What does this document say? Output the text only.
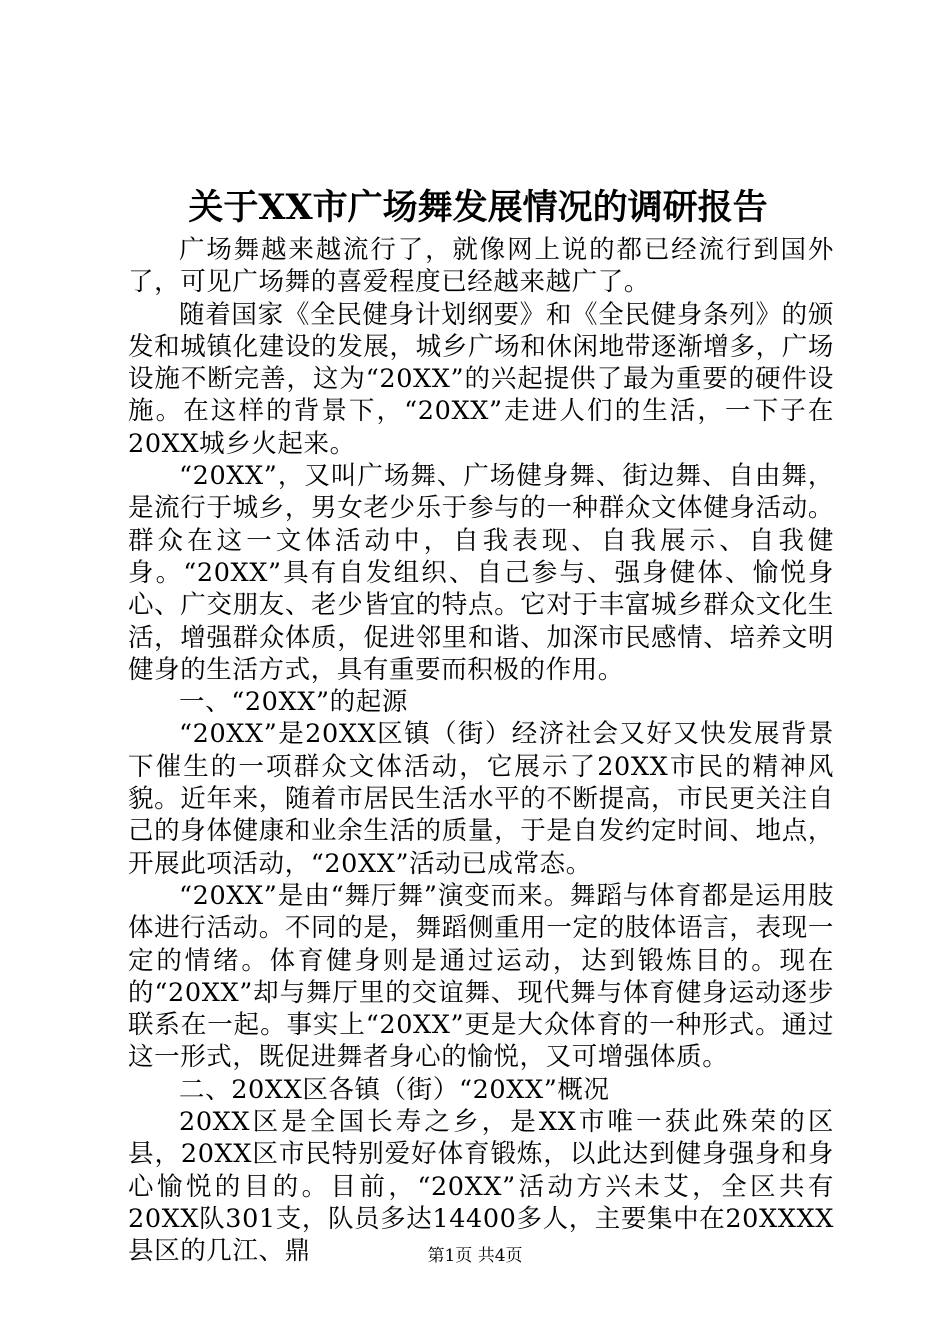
关于XX市广场舞发展情况的调研报告

广场舞越来越流行了，就像网上说的都已经流行到国外了，可见广场舞的喜爱程度已经越来越广了。

随着国家《全民健身计划纲要》和《全民健身条列》的颁发和城镇化建设的发展，城乡广场和休闲地带逐渐增多，广场设施不断完善，这为“20XX”的兴起提供了最为重要的硬件设施。在这样的背景下，“20XX”走进人们的生活，一下子在20XX城乡火起来。

“20XX”，又叫广场舞、广场健身舞、街边舞、自由舞，是流行于城乡，男女老少乐于参与的一种群众文体健身活动。群众在这一文体活动中，自我表现、自我展示、自我健身。“20XX”具有自发组织、自己参与、强身健体、愉悦身心、广交朋友、老少皆宜的特点。它对于丰富城乡群众文化生活，增强群众体质，促进邻里和谐、加深市民感情、培养文明健身的生活方式，具有重要而积极的作用。

一、“20XX”的起源

“20XX”是20XX区镇（街）经济社会又好又快发展背景下催生的一项群众文体活动，它展示了20XX市民的精神风貌。近年来，随着市居民生活水平的不断提高，市民更关注自己的身体健康和业余生活的质量，于是自发约定时间、地点，开展此项活动，“20XX”活动已成常态。

“20XX”是由“舞厅舞”演变而来。舞蹈与体育都是运用肢体进行活动。不同的是，舞蹈侧重用一定的肢体语言，表现一定的情绪。体育健身则是通过运动，达到锻炼目的。现在的“20XX”却与舞厅里的交谊舞、现代舞与体育健身运动逐步联系在一起。事实上“20XX”更是大众体育的一种形式。通过这一形式，既促进舞者身心的愉悦，又可增强体质。

二、20XX区各镇（街）“20XX”概况

20XX区是全国长寿之乡，是XX市唯一获此殊荣的区县，20XX区市民特别爱好体育锻炼，以此达到健身强身和身心愉悦的目的。目前，“20XX”活动方兴未艾，全区共有20XX队301支，队员多达14400多人，主要集中在20XXXX县区的几江、鼎	第1页 共4页
